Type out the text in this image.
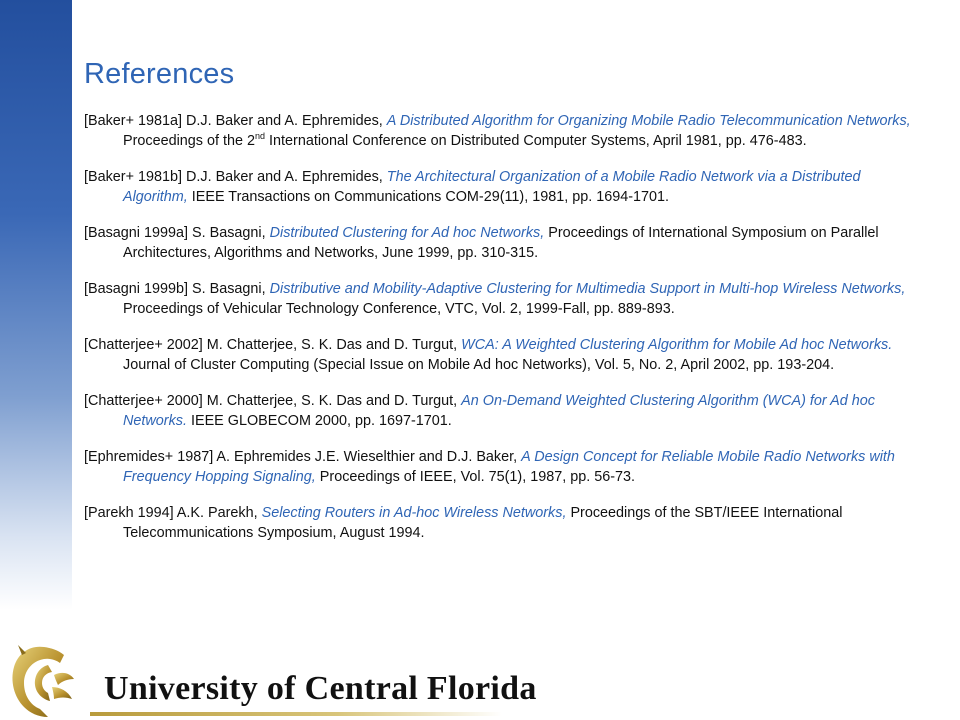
References

[Baker+ 1981a] D.J. Baker and A. Ephremides, A Distributed Algorithm for Organizing Mobile Radio Telecommunication Networks, Proceedings of the 2nd International Conference on Distributed Computer Systems, April 1981, pp. 476-483.

[Baker+ 1981b] D.J. Baker and A. Ephremides, The Architectural Organization of a Mobile Radio Network via a Distributed Algorithm, IEEE Transactions on Communications COM-29(11), 1981, pp. 1694-1701.

[Basagni 1999a] S. Basagni, Distributed Clustering for Ad hoc Networks, Proceedings of International Symposium on Parallel Architectures, Algorithms and Networks, June 1999, pp. 310-315.

[Basagni 1999b] S. Basagni, Distributive and Mobility-Adaptive Clustering for Multimedia Support in Multi-hop Wireless Networks, Proceedings of Vehicular Technology Conference, VTC, Vol. 2, 1999-Fall, pp. 889-893.

[Chatterjee+ 2002] M. Chatterjee, S. K. Das and D. Turgut, WCA: A Weighted Clustering Algorithm for Mobile Ad hoc Networks. Journal of Cluster Computing (Special Issue on Mobile Ad hoc Networks), Vol. 5, No. 2, April 2002, pp. 193-204.

[Chatterjee+ 2000] M. Chatterjee, S. K. Das and D. Turgut, An On-Demand Weighted Clustering Algorithm (WCA) for Ad hoc Networks. IEEE GLOBECOM 2000, pp. 1697-1701.

[Ephremides+ 1987] A. Ephremides J.E. Wieselthier and D.J. Baker, A Design Concept for Reliable Mobile Radio Networks with Frequency Hopping Signaling, Proceedings of IEEE, Vol. 75(1), 1987, pp. 56-73.

[Parekh 1994] A.K. Parekh, Selecting Routers in Ad-hoc Wireless Networks, Proceedings of the SBT/IEEE International Telecommunications Symposium, August 1994.

University of Central Florida
